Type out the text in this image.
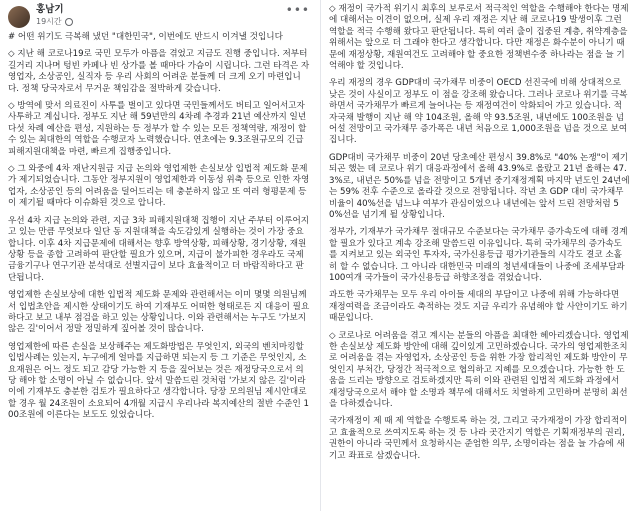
홍남기
19시간
•••

# 어떤 위기도 극복해 냈던 "대한민국", 이번에도 반드시 이겨낼 것입니다

◇ 지난 해 코로나19로 국민 모두가 아픔을 겪었고 지금도 진행 중입니다. 저부터 길거리 지나며 텅빈 카페나 빈 상가를 볼 때마다 가슴이 시립니다. 그런 타격은 자영업자, 소상공인, 실직자 등 우리 사회의 어려운 분들께 더 크게 오기 마련입니다. 정책 당국자로서 무거운 책임감을 절박하게 갖습니다.

◇ 방역에 맞서 의료진이 사투를 벌이고 있다면 국민들께서도 버티고 일어서고자 사투하고 계십니다. 정부도 지난 해 59년만의 4차례 추경과 21년 예산까지 일년 다섯 차례 예산을 편성, 지원하는 등 정부가 할 수 있는 모든 정책역량, 재정이 할 수 있는 최대한의 역할을 수행코자 노력했습니다. 연초에는 9.3조원규모의 긴급피해지원대책을 마련, 빠르게 집행중입니다.

◇ 그 와중에 4차 재난지원금 지급 논의와 영업제한 손실보상 입법적 제도화 문제가 제기되었습니다. 그동안 정부지원이 영업제한과 이동성 위축 등으로 인한 자영업자, 소상공인 등의 어려움을 덜어드리는 데 충분하지 않고 또 여러 형평문제 등이 제기될 때마다 이슈화된 것으로 압니다.

우선 4차 지급 논의와 관련, 지급 3차 피해지원대책 집행이 지난 주부터 이루어지고 있는 만큼 무엇보다 일단 동 지원대책을 속도감있게 실행하는 것이 가장 중요합니다. 이후 4차 지급문제에 대해서는 향후 방역상황, 피해상황, 경기상황, 재원상황 등을 종합 고려하여 판단할 필요가 있으며, 지급이 불가피한 경우라도 국제금융기구나 연구기관 분석대로 선별지급이 보다 효율적이고 더 바람직하다고 판단됩니다.

영업제한 손실보상에 대한 입법적 제도화 문제와 관련해서는 이미 몇몇 의원님께서 입법초안을 제시한 상태이기도 하여 기재부도 어떠한 형태로든 지 대응이 필요하다고 보고 내부 점검을 하고 있는 상황입니다. 이와 관련해서는 누구도 '가보지 않은 길'이어서 정말 정밀하게 짚어볼 것이 많습니다.

영업제한에 따른 손실을 보상해주는 제도화방법은 무엇인지, 외국의 벤치마킹할 입법사례는 있는지, 누구에게 얼마를 지급하면 되는지 등 그 기준은 무엇인지, 소요재원은 어느 정도 되고 감당 가능한 지 등을 짚어보는 것은 재정당국으로서 의당 해야 할 소명이 아닐 수 없습니다. 앞서 말씀드린 것처럼 '가보지 않은 길'이라 이에 기재부도 충분한 검토가 필요하다고 생각합니다. 당장 모의원님 제시안대로 할 경우 월 24조원이 소요되어 4개월 지급시 우리나라 복지예산의 절반 수준인 100조원에 이른다는 보도도 있었습니다.

◇ 재정이 국가적 위기시 최후의 보루로서 적극적인 역할을 수행해야 한다는 명제에 대해서는 이견이 없으며, 실제 우리 재정은 지난 해 코로나19 발생이후 그런 역할을 적극 수행해 왔다고 판단됩니다. 특히 여러 출이 집중된 계층, 취약계층을 위해서는 앞으로 더 그래야 한다고 생각합니다. 다만 재정은 화수분이 아니기 때문에 재정상황, 재원여건도 고려해야 할 중요한 정책변수중 하나라는 점을 늘 기억해야 할 것입니다.

우리 재정의 경우 GDP대비 국가채무 비중이 OECD 선진국에 비해 상대적으로 낮은 것이 사실이고 정부도 이 점을 강조해 왔습니다. 그러나 코로나 위기를 극복하면서 국가채무가 빠르게 늘어나는 등 재정여건이 악화되어 가고 있습니다. 적자국채 발행이 지난 해 약 104조원, 올해 약 93.5조원, 내년에도 100조원을 넘어설 전망이고 국가채무 증가폭은 내년 처음으로 1,000조원을 넘을 것으로 보여집니다.

GDP대비 국가채무 비중이 20년 당초예산 편성시 39.8%로 "40% 논쟁"이 제기되곤 했는 데 코로나 위기 대응과정에서 올해 43.9%로 올랐고 21년 올해는 47.3%로, 내년은 50%를 넘을 전망이고 5개년 중기재정계획 마지막 년도인 24년에는 59% 전후 수준으로 올라갈 것으로 전망됩니다. 작년 초 GDP 대비 국가채무비율이 40%선을 넘느냐 여부가 관심이었으나 내년에는 앞서 드린 전망처럼 50%선을 넘기게 될 상황입니다.

정부가, 기재부가 국가채무 절대규모 수준보다는 국가채무 증가속도에 대해 경계할 필요가 있다고 계속 강조해 말씀드린 이유입니다. 특히 국가채무의 증가속도를 지켜보고 있는 외국인 투자자, 국가신용등급 평가기관들의 시각도 결코 소홀히 할 수 없습니다. 그 아니라 대한민국 미래의 청년세대들이 나중에 조세부담과 100여개 국가들이 국가신용등급 하향조정을 겪었습니다.

과도한 국가채무는 모두 우리 아이들 세대의 부담이고 나중에 위해 가능하다면 재정여력을 조금이라도 축적하는 것도 지금 우리가 유념해야 할 사안이기도 하기 때문입니다.

◇ 코로나로 어려움을 겪고 계시는 분들의 아픔을 최대한 헤아리겠습니다. 영업제한 손실보상 제도화 방안에 대해 깊이있게 고민하겠습니다. 국가의 영업제한조치로 어려움을 겪는 자영업자, 소상공인 등을 위한 가장 합리적인 제도화 방안이 무엇인지 부처간, 당정간 적극적으로 협의하고 지혜를 모으겠습니다. 가능한 한 도움을 드리는 방향으로 검토하겠지만 특히 이와 관련된 입법적 제도화 과정에서 재정당국으로서 해야 할 소명과 책무에 대해서도 치열하게 고민하며 분명히 최선을 다하겠습니다.

국가재정이 제 때 제 역할을 수행토록 하는 것, 그리고 국가재정이 가장 합리적이고 효율적으로 쓰여지도록 하는 것 등 나라 곳간지기 역할은 기획재정부의 권리, 권한이 아니라 국민께서 요청하시는 준엄한 의무, 소명이라는 점을 늘 가슴에 새기고 좌표로 삼겠습니다.
